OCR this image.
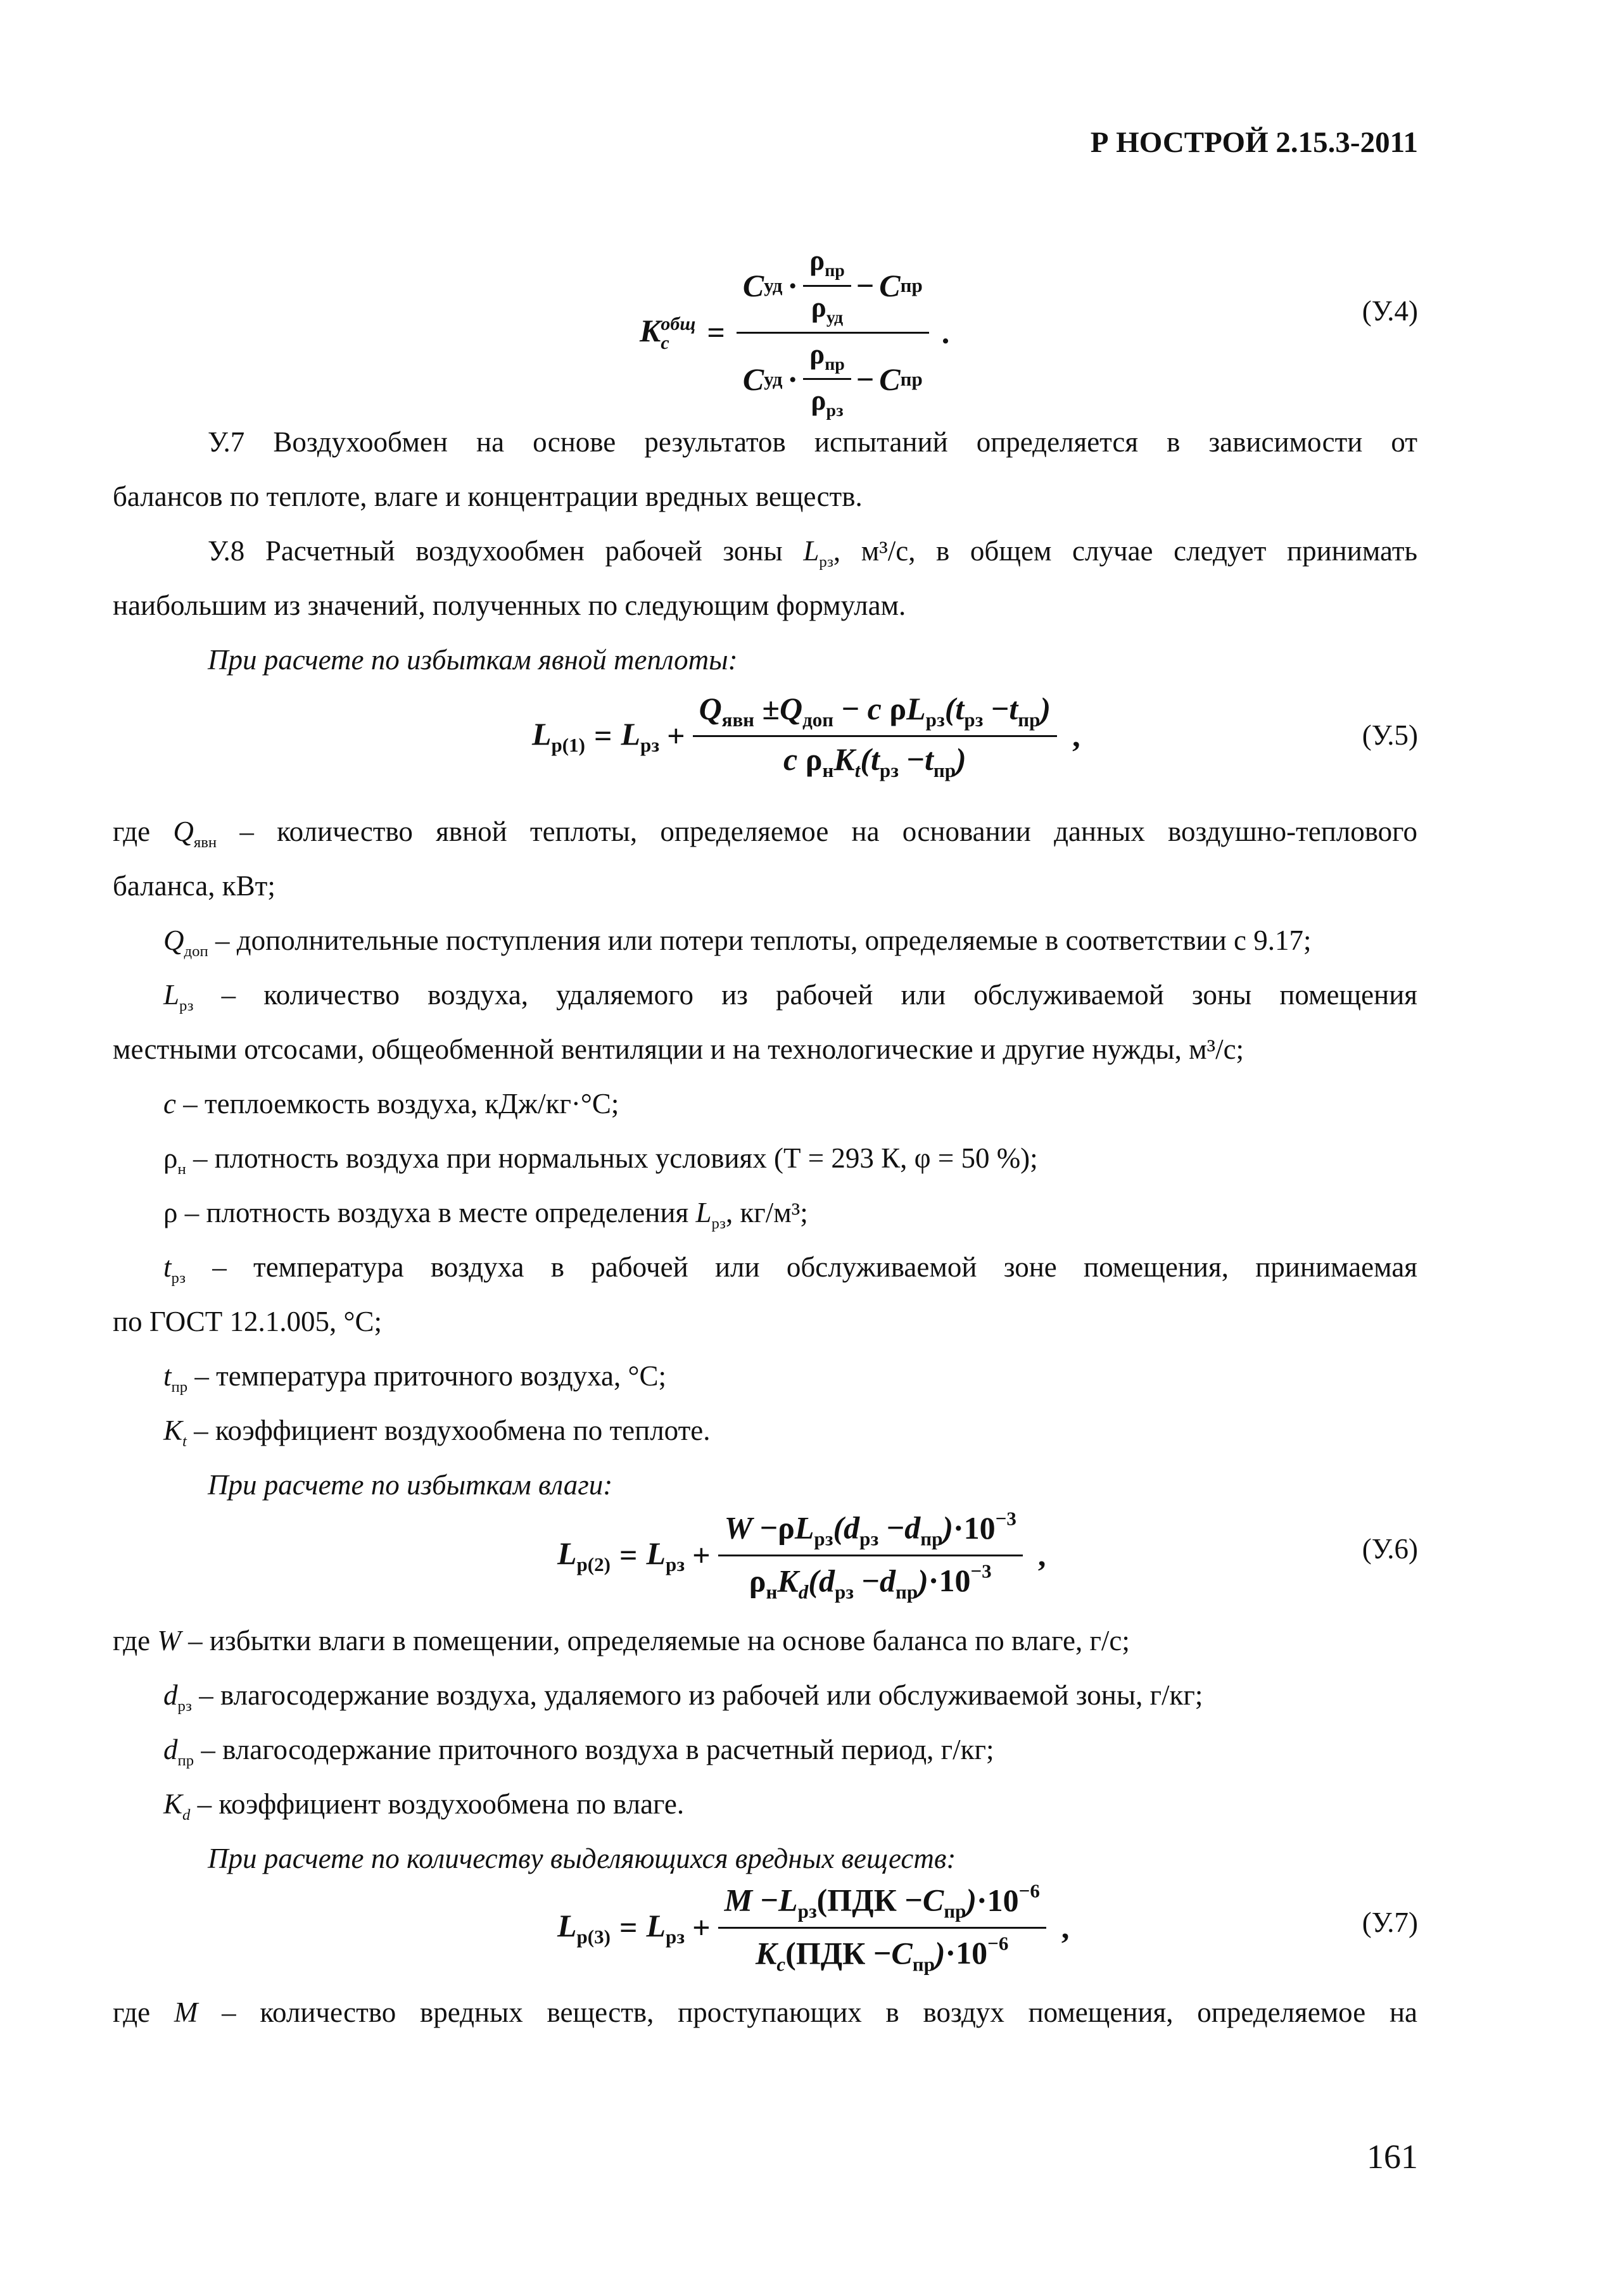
Р НОСТРОЙ 2.15.3-2011
K общ
c	= $\frac{C уд \cdot \frac{\rho_{пр}}{\rho_{уд}} - C пр}{C уд \cdot \frac{\rho_{пр}}{\rho_{рз}} - C пр}$ .
(У.4)

У.7 Воздухообмен на основе результатов испытаний определяется в зависимости от

балансов по теплоте, влаге и концентрации вредных веществ.

У.8 Расчетный воздухообмен рабочей зоны $L_{рз}$, м³/с, в общем случае следует принимать

наибольшим из значений, полученных по следующим формулам.

При расчете по избыткам явной теплоты:

$L_{р(1)} = L_{рз} + \frac{Q_{явн} \pm Q_{доп} - c \rho L_{рз}(t_{рз} -t_{пр})}{c \rho_нK_t(t_{рз} -t_{пр})}$ ,	(У.5)

где $Q_{явн}$ – количество явной теплоты, определяемое на основании данных воздушно-теплового

баланса, кВт;

$Q_{доп}$ – дополнительные поступления или потери теплоты, определяемые в соответствии с 9.17;

$L_{рз}$ – количество воздуха, удаляемого из рабочей или обслуживаемой зоны помещения

местными отсосами, общеобменной вентиляции и на технологические и другие нужды, м³/с;

с – теплоемкость воздуха, кДж/кг·°С;

$\rho_н$ – плотность воздуха при нормальных условиях (Т = 293 К, φ = 50 %);

ρ – плотность воздуха в месте определения $L_{рз}$, кг/м³;

$t_{рз}$ – температура воздуха в рабочей или обслуживаемой зоне помещения, принимаемая

по ГОСТ 12.1.005, °С;

$t_{пр}$ – температура приточного воздуха, °С;

$K_t$ – коэффициент воздухообмена по теплоте.

При расчете по избыткам влаги:

$L_{р(2)} = L_{рз} + \frac{W -\rho L_{рз}(d_{рз} -d_{пр})\cdot 10^{-3}}{\rho_нK_d(d_{рз} -d_{пр})\cdot 10^{-3}}$ ,	(У.6)

где W – избытки влаги в помещении, определяемые на основе баланса по влаге, г/с;

$d_{рз}$ – влагосодержание воздуха, удаляемого из рабочей или обслуживаемой зоны, г/кг;

$d_{пр}$ – влагосодержание приточного воздуха в расчетный период, г/кг;

$K_d$ – коэффициент воздухообмена по влаге.

При расчете по количеству выделяющихся вредных веществ:

$L_{р(3)} = L_{рз} + \frac{M -L_{рз}(ПДК -C_{пр})\cdot 10^{-6}}{K_c(ПДК -C_{пр})\cdot 10^{-6}}$ ,	(У.7)

где M – количество вредных веществ, проступающих в воздух помещения, определяемое на

161
